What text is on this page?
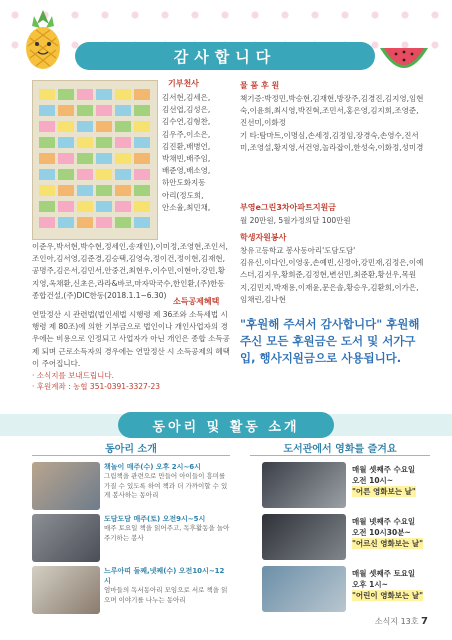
감사합니다
기부천사
김서현,김세은,
김선엽,김성은,
김수연,김형찬,
김우주,이소은,
김진환,배병언,
박채빈,배주임,
배준영,배소영,
하안도화지동
아리(정도희,
안소율,최민채,
이준우,박서현,박수현,정세인,송재인),이미정,조영현,조인서,조인아,김서영,김준경,김승택,김영숙,정이건,정이현,김재현,공명주,김은서,김민서,안중건,최현우,이수민,이현아,강민,황지영,옥채환,신초은,라라&바코,마자막국수,한인환,(주)한동종합건설,(주)DIC한동(2018.1.1~6.30)
소득공제혜택
연말정산 시 관련법(법인세법 시행령 제 36조와 소득세법 시행령 제 80조)에 의한 기부금으로 법인이나 개인사업자의 경우에는 비용으로 인정되고 사업자가 아닌 개인은 종합 소득공제 되며 근로소득자의 경우에는 연말정산 시 소득공제의 혜택이 주어집니다.
· 소식지를 보내드립니다.
· 후원계좌 : 농협 351-0391-3327-23
물 품 후 원
책기증:박정민,박승현,김재현,방장주,김경진,김지영,임현숙,이윤희,최시영,박진혁,조민서,홍은영,김지희,조영준,진선미,이화정
기 타:탐마트,이명심,손세정,김정임,장경숙,손영수,진서미,조영설,황지영,서건영,놀라잡이,한성숙,이화정,성미경
부영e그린3차아파트지원금
월 20만원, 5월가정의달 100만원
학생자원봉사
창유고등학교 봉사동아리'도담도담'
김유신,이다인,이영웅,손예빈,신정아,강민재,김정은,이예스더,김지우,황희준,김정현,변선민,최준환,황선우,목원지,김민지,박재용,이재윤,문은솔,황승우,김환희,이가은,임채린,김나현
"후원해 주셔서 감사합니다" 후원해 주신 모든 후원금은 도서 및 서가구입, 행사지원금으로 사용됩니다.
동아리 및 활동 소개
동아리 소개	도서관에서 영화를 즐겨요
책놀이 매주(수) 오후 2시~6시
그림책을 관련으로 만들어 아이들이 흥미를 가질 수 있도록 하여 책과 더 가까이할 수 있게 봉사하는 동아리
도담도담 매주(토) 오전9시~5시
매주 토요일 책을 읽어주고, 독후활동을 놀아주기하는 봉사
느루아띠 둘째,넷째(수) 오전10시~12시
엄마들의 독서동아리 모임으로 서로 책을 읽으며 이야기를 나누는 동아리
매월 셋째주 수요일
오전 10시~
"어른 영화보는 날"
매월 넷째주 수요일
오전 10시30분~
"어르신 영화보는 날"
매월 셋째주 토요일
오후 1시~
"어린이 영화보는 날"
소식지 13호 7
